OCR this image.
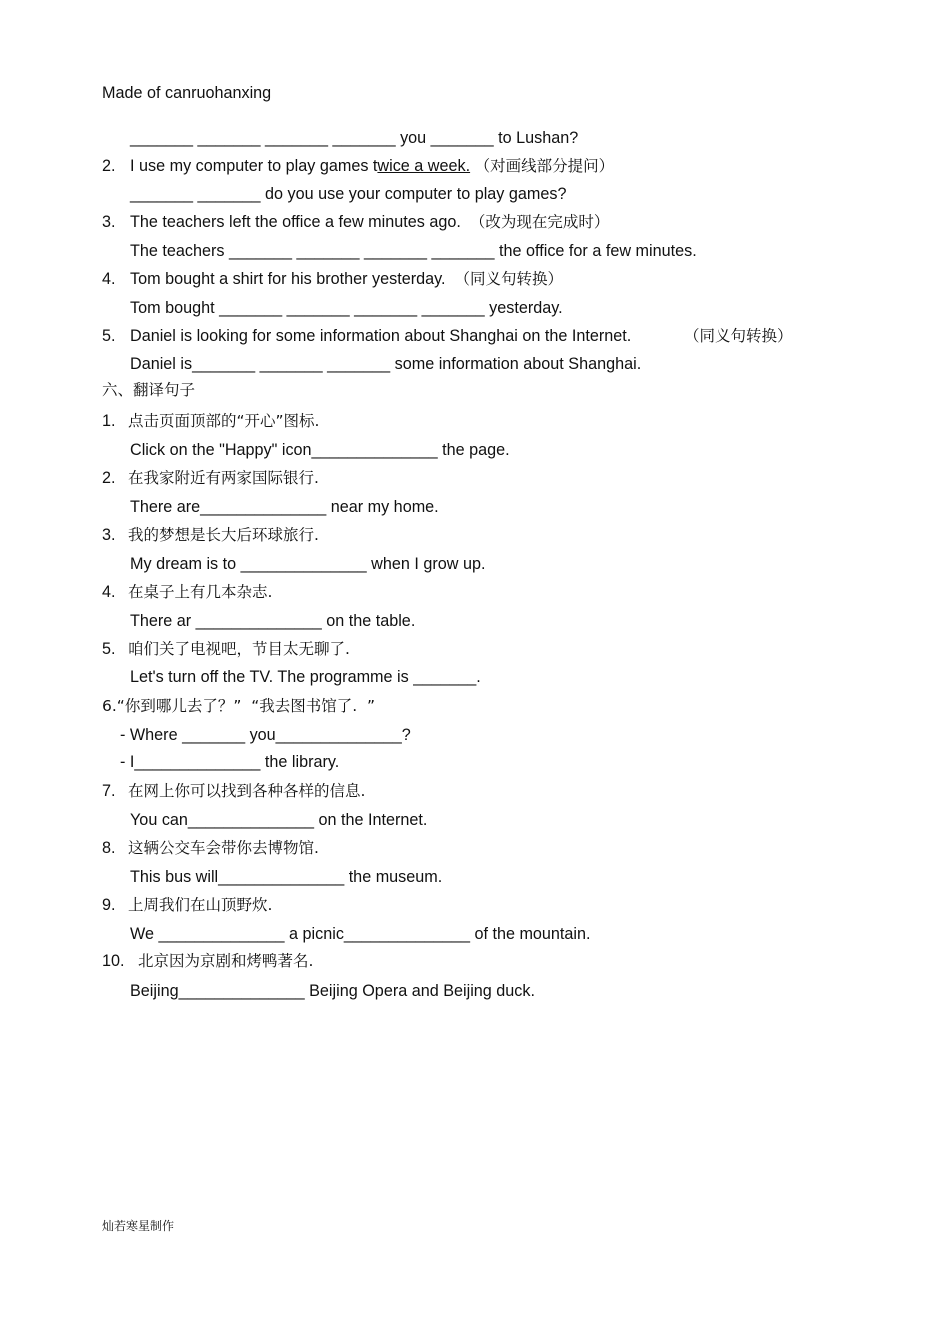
Made of canruohanxing
_______ _______ _______ _______ you _______ to Lushan?
2. I use my computer to play games twice a week. （对画线部分提问）
_______ _______ do you use your computer to play games?
3. The teachers left the office a few minutes ago. （改为现在完成时）
The teachers _______ _______ _______ _______ the office for a few minutes.
4. Tom bought a shirt for his brother yesterday. （同义句转换）
Tom bought _______ _______ _______ _______ yesterday.
5. Daniel is looking for some information about Shanghai on the Internet.	（同义句转换）
Daniel is_______ _______ _______ some information about Shanghai.
六、翻译句子
1. 点击页面顶部的“开心”图标.
Click on the "Happy" icon______________ the page.
2. 在我家附近有两家国际银行.
There are______________ near my home.
3. 我的梦想是长大后环球旅行.
My dream is to ______________ when I grow up.
4. 在桌子上有几本杂志.
There ar ______________ on the table.
5. 咱们关了电视吧，节目太无聊了.
Let's turn off the TV. The programme is _______.
6.“你到哪儿去了？”  “我去图书馆了.  ”
- Where _______ you______________?
- I______________ the library.
7. 在网上你可以找到各种各样的信息.
You can______________ on the Internet.
8. 这辆公交车会带你去博物馆.
This bus will______________ the museum.
9. 上周我们在山顶野炊.
We ______________ a picnic______________ of the mountain.
10. 北京因为京剧和烤鸭著名.
Beijing______________ Beijing Opera and Beijing duck.
灿若寒星制作
